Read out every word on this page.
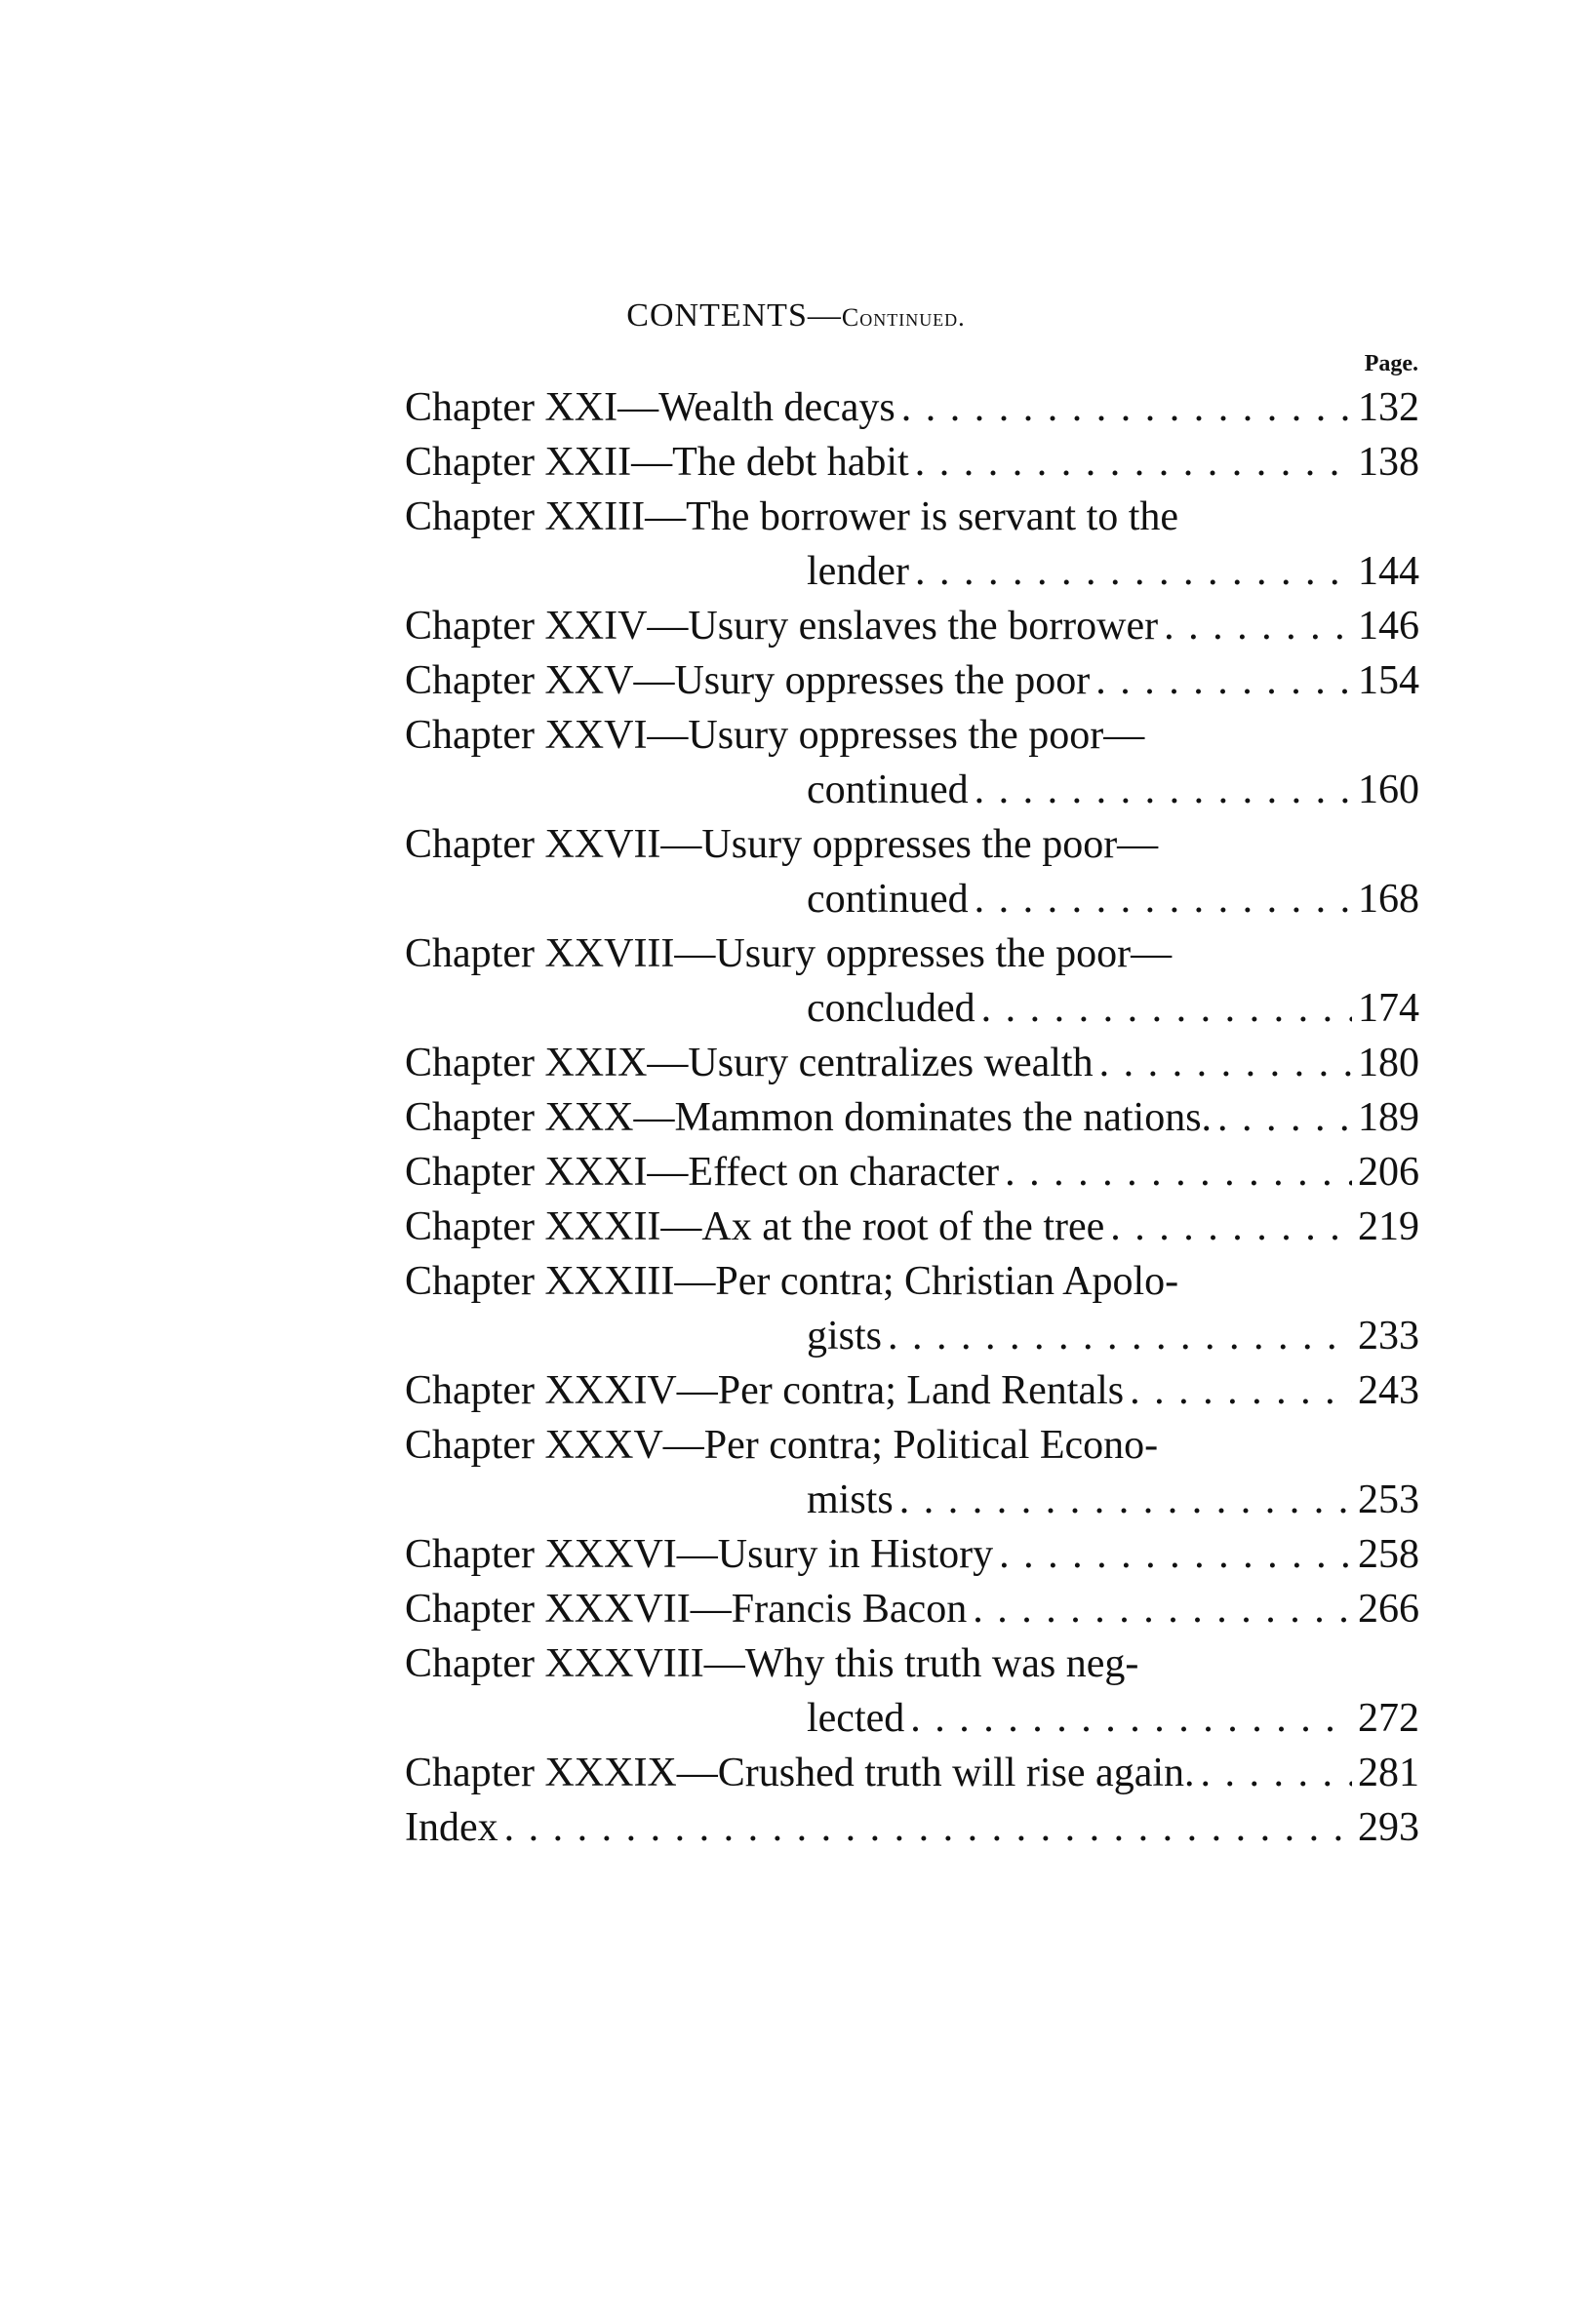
CONTENTS—Continued.
Page.
Chapter XXI—Wealth decays . . .	132
Chapter XXII—The debt habit . . .	138
Chapter XXIII—The borrower is servant to the
lender . . .	144
Chapter XXIV—Usury enslaves the borrower . . .	146
Chapter XXV—Usury oppresses the poor . . .	154
Chapter XXVI—Usury oppresses the poor—
continued . . .	160
Chapter XXVII—Usury oppresses the poor—
continued . . .	168
Chapter XXVIII—Usury oppresses the poor—
concluded . . .	174
Chapter XXIX—Usury centralizes wealth . . .	180
Chapter XXX—Mammon dominates the nations. . . .	189
Chapter XXXI—Effect on character . . .	206
Chapter XXXII—Ax at the root of the tree . . .	219
Chapter XXXIII—Per contra; Christian Apolo-
gists . . .	233
Chapter XXXIV—Per contra; Land Rentals . . .	243
Chapter XXXV—Per contra; Political Econo-
mists . . .	253
Chapter XXXVI—Usury in History . . .	258
Chapter XXXVII—Francis Bacon . . .	266
Chapter XXXVIII—Why this truth was neg-
lected . . .	272
Chapter XXXIX—Crushed truth will rise again. . . .	281
Index . . .	293
